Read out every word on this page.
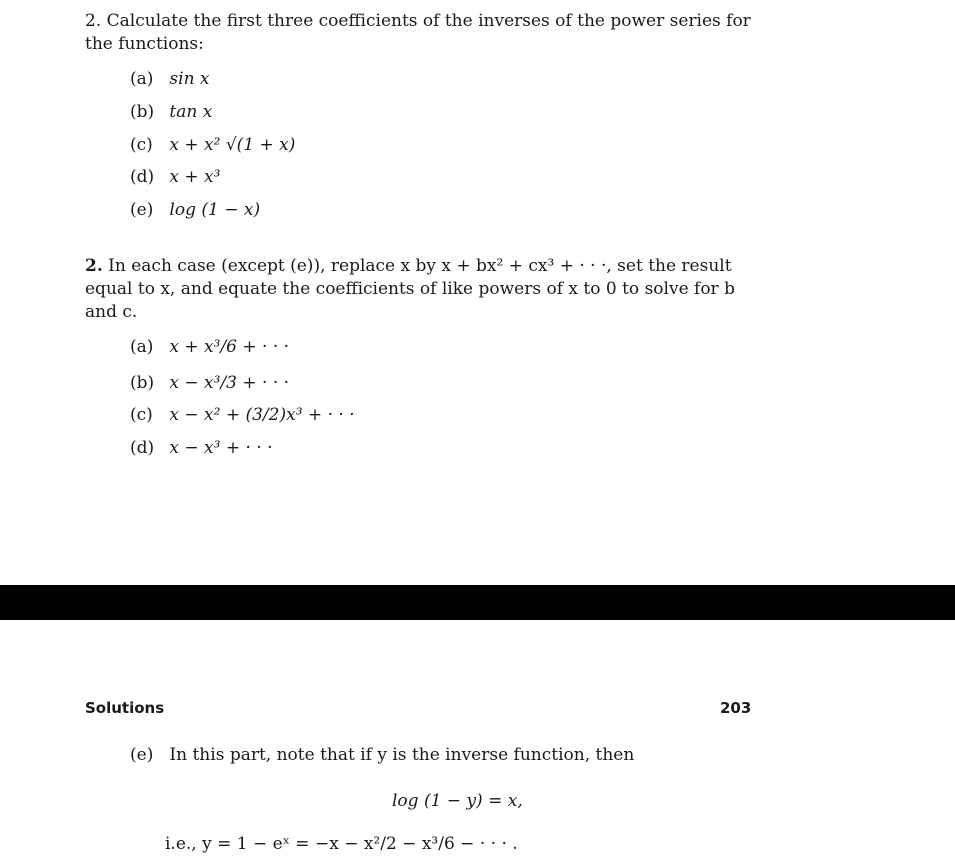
2. Calculate the first three coefficients of the inverses of the power series for the functions:
(a) sin x
(b) tan x
(c) x + x² √(1 + x)
(d) x + x³
(e) log (1 − x)
2. In each case (except (e)), replace x by x + bx² + cx³ + · · ·, set the result equal to x, and equate the coefficients of like powers of x to 0 to solve for b and c.
(a) x + x³/6 + · · ·
(b) x − x³/3 + · · ·
(c) x − x² + (3/2)x³ + · · ·
(d) x − x³ + · · ·
Solutions	203
(e) In this part, note that if y is the inverse function, then
log (1 − y) = x,
i.e., y = 1 − eˣ = −x − x²/2 − x³/6 − · · · .
